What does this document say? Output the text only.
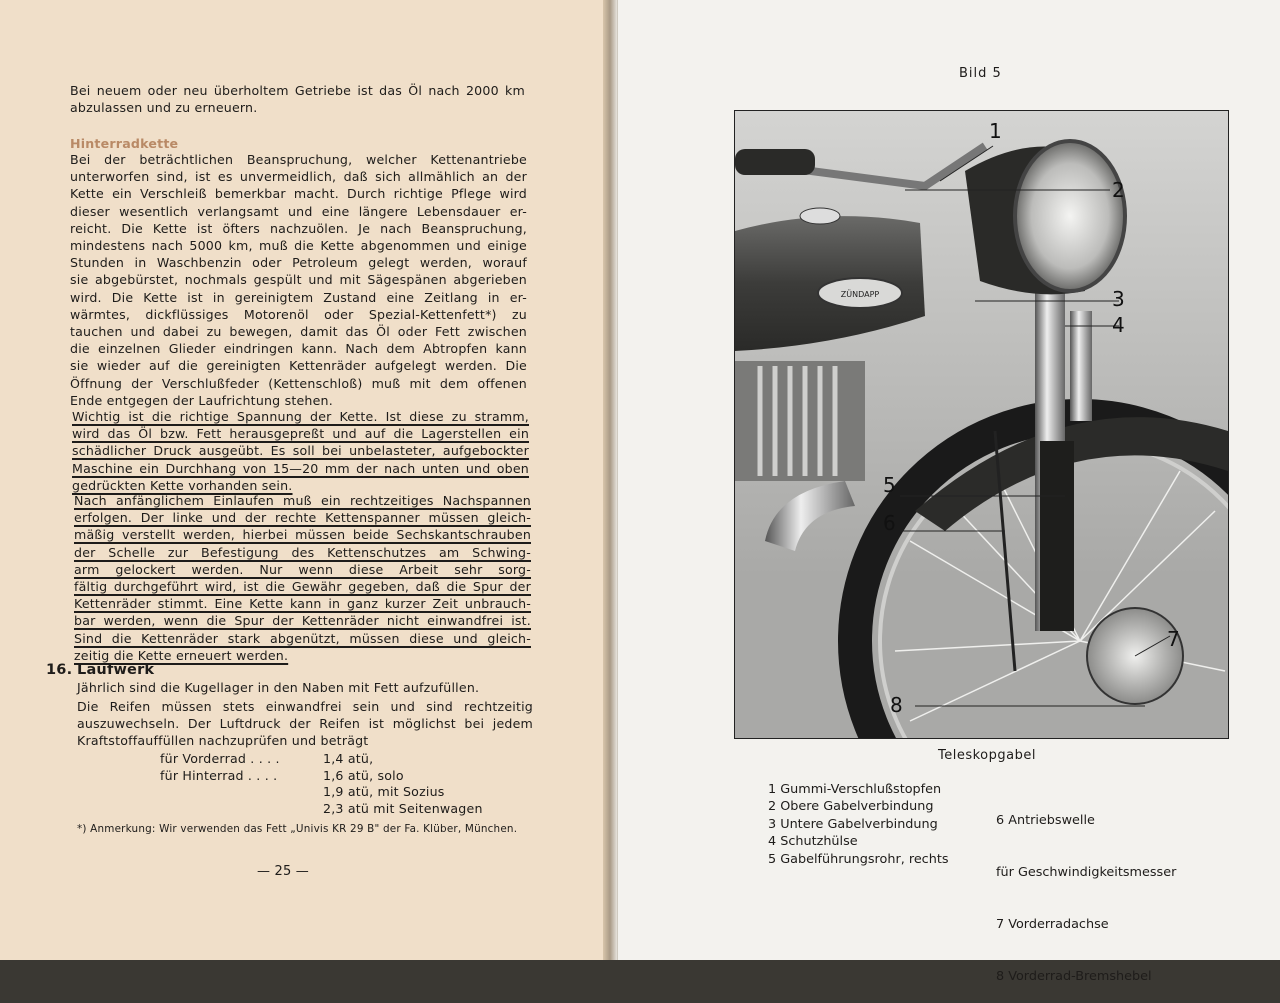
Bei neuem oder neu überholtem Getriebe ist das Öl nach 2000 km
abzulassen und zu erneuern.
Hinterradkette
Bei der beträchtlichen Beanspruchung, welcher Kettenantriebe
unterworfen sind, ist es unvermeidlich, daß sich allmählich an der
Kette ein Verschleiß bemerkbar macht. Durch richtige Pflege wird
dieser wesentlich verlangsamt und eine längere Lebensdauer er-
reicht. Die Kette ist öfters nachzuölen. Je nach Beanspruchung,
mindestens nach 5000 km, muß die Kette abgenommen und einige
Stunden in Waschbenzin oder Petroleum gelegt werden, worauf
sie abgebürstet, nochmals gespült und mit Sägespänen abgerieben
wird. Die Kette ist in gereinigtem Zustand eine Zeitlang in er-
wärmtes, dickflüssiges Motorenöl oder Spezial-Kettenfett*) zu
tauchen und dabei zu bewegen, damit das Öl oder Fett zwischen
die einzelnen Glieder eindringen kann. Nach dem Abtropfen kann
sie wieder auf die gereinigten Kettenräder aufgelegt werden. Die
Öffnung der Verschlußfeder (Kettenschloß) muß mit dem offenen
Ende entgegen der Laufrichtung stehen.
Wichtig ist die richtige Spannung der Kette. Ist diese zu stramm,
wird das Öl bzw. Fett herausgepreßt und auf die Lagerstellen ein
schädlicher Druck ausgeübt. Es soll bei unbelasteter, aufgebockter
Maschine ein Durchhang von 15—20 mm der nach unten und oben
gedrückten Kette vorhanden sein.
Nach anfänglichem Einlaufen muß ein rechtzeitiges Nachspannen
erfolgen. Der linke und der rechte Kettenspanner müssen gleich-
mäßig verstellt werden, hierbei müssen beide Sechskantschrauben
der Schelle zur Befestigung des Kettenschutzes am Schwing-
arm gelockert werden. Nur wenn diese Arbeit sehr sorg-
fältig durchgeführt wird, ist die Gewähr gegeben, daß die Spur der
Kettenräder stimmt. Eine Kette kann in ganz kurzer Zeit unbrauch-
bar werden, wenn die Spur der Kettenräder nicht einwandfrei ist.
Sind die Kettenräder stark abgenützt, müssen diese und gleich-
zeitig die Kette erneuert werden.
16. Laufwerk
Jährlich sind die Kugellager in den Naben mit Fett aufzufüllen.
Die Reifen müssen stets einwandfrei sein und sind rechtzeitig
auszuwechseln. Der Luftdruck der Reifen ist möglichst bei jedem
Kraftstoffauffüllen nachzuprüfen und beträgt
für Vorderrad . . . .	1,4 atü,
für Hinterrad . . . .	1,6 atü, solo
1,9 atü, mit Sozius
2,3 atü mit Seitenwagen
*) Anmerkung: Wir verwenden das Fett „Univis KR 29 B" der Fa. Klüber, München.
— 25 —
Bild 5
ZÜNDAPP
1
2
3
4
5
6
7
8
Teleskopgabel
1 Gummi-Verschlußstopfen
2 Obere Gabelverbindung
3 Untere Gabelverbindung
4 Schutzhülse
5 Gabelführungsrohr, rechts

6 Antriebswelle

für Geschwindigkeitsmesser

7 Vorderradachse

8 Vorderrad-Bremshebel
